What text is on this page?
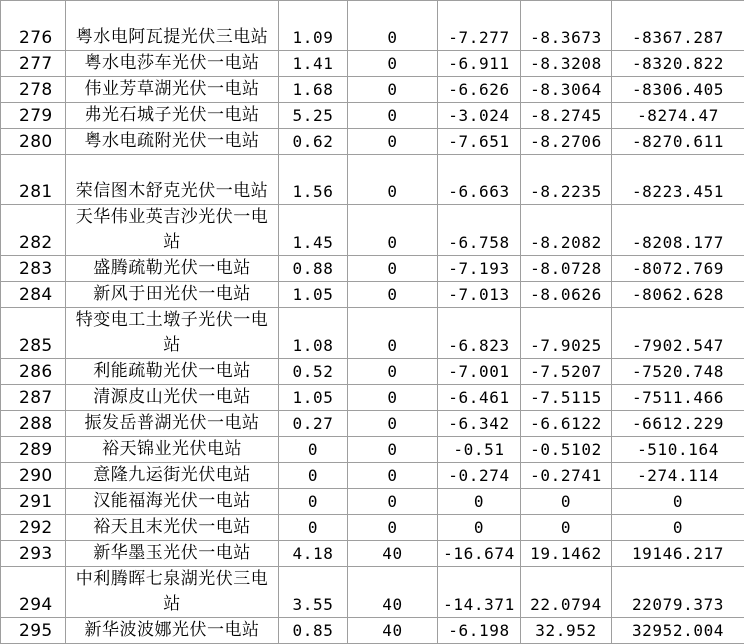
276	粤水电阿瓦提光伏三电站	1.09	0	-7.277	-8.3673	-8367.287
277	粤水电莎车光伏一电站	1.41	0	-6.911	-8.3208	-8320.822
278	伟业芳草湖光伏一电站	1.68	0	-6.626	-8.3064	-8306.405
279	弗光石城子光伏一电站	5.25	0	-3.024	-8.2745	-8274.47
280	粤水电疏附光伏一电站	0.62	0	-7.651	-8.2706	-8270.611
281	荣信图木舒克光伏一电站	1.56	0	-6.663	-8.2235	-8223.451
282	天华伟业英吉沙光伏一电站	1.45	0	-6.758	-8.2082	-8208.177
283	盛腾疏勒光伏一电站	0.88	0	-7.193	-8.0728	-8072.769
284	新风于田光伏一电站	1.05	0	-7.013	-8.0626	-8062.628
285	特变电工土墩子光伏一电站	1.08	0	-6.823	-7.9025	-7902.547
286	利能疏勒光伏一电站	0.52	0	-7.001	-7.5207	-7520.748
287	清源皮山光伏一电站	1.05	0	-6.461	-7.5115	-7511.466
288	振发岳普湖光伏一电站	0.27	0	-6.342	-6.6122	-6612.229
289	裕天锦业光伏电站	0	0	-0.51	-0.5102	-510.164
290	意隆九运街光伏电站	0	0	-0.274	-0.2741	-274.114
291	汉能福海光伏一电站	0	0	0	0	0
292	裕天且末光伏一电站	0	0	0	0	0
293	新华墨玉光伏一电站	4.18	40	-16.674	19.1462	19146.217
294	中利腾晖七泉湖光伏三电站	3.55	40	-14.371	22.0794	22079.373
295	新华波波娜光伏一电站	0.85	40	-6.198	32.952	32952.004
